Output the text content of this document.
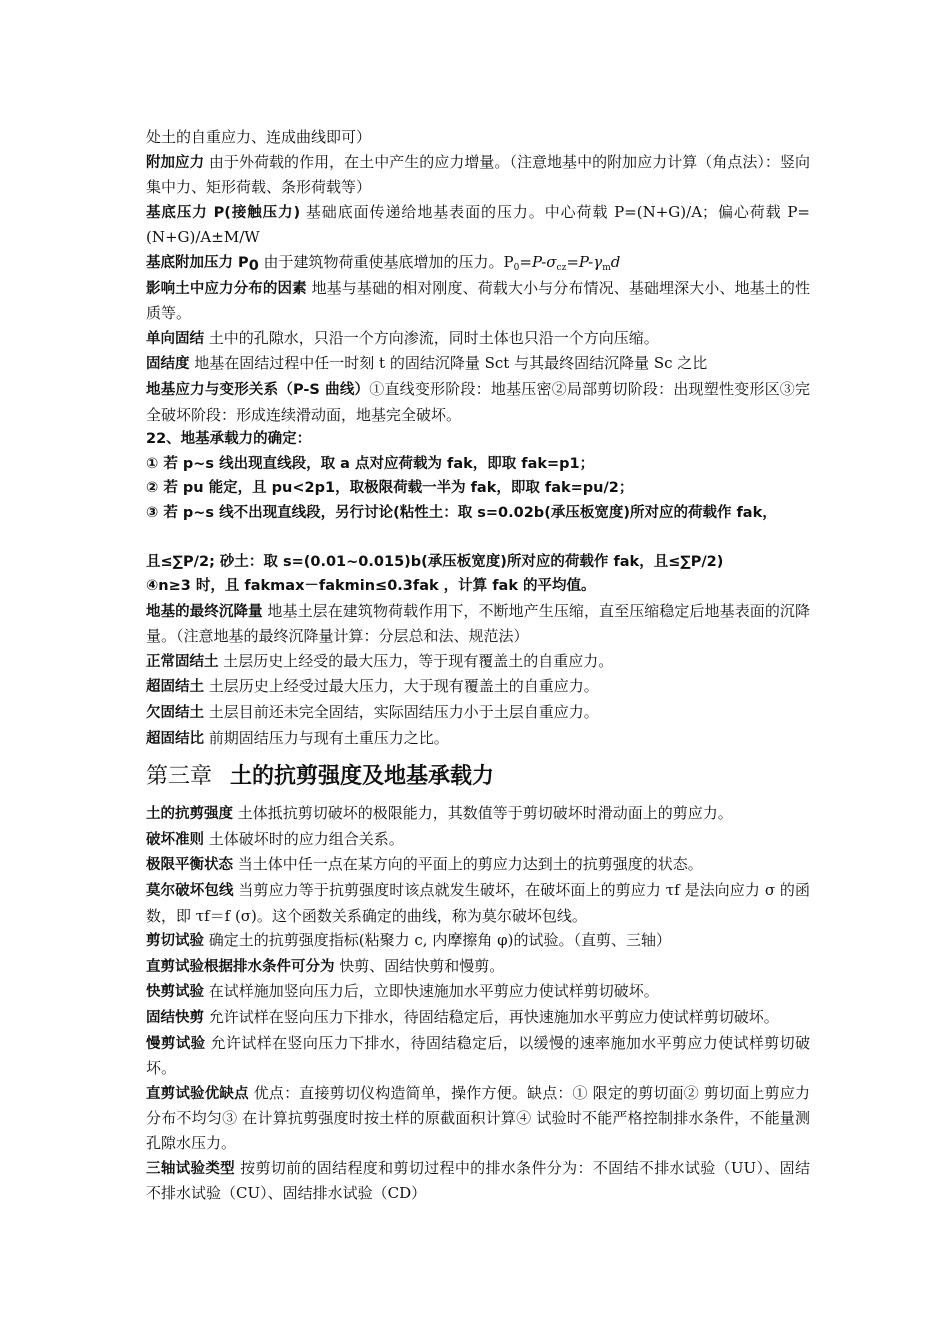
处土的自重应力、连成曲线即可）

附加应力 由于外荷载的作用，在土中产生的应力增量。（注意地基中的附加应力计算（角点法）：竖向集中力、矩形荷载、条形荷载等）

基底压力 P(接触压力) 基础底面传递给地基表面的压力。中心荷载 P=(N+G)/A；偏心荷载 P=(N+G)/A±M/W

基底附加压力 $P_0$ 由于建筑物荷重使基底增加的压力。$P_0=P-\sigma_{cz}=P-\gamma_md$

影响土中应力分布的因素 地基与基础的相对刚度、荷载大小与分布情况、基础埋深大小、地基土的性质等。

单向固结 土中的孔隙水，只沿一个方向渗流，同时土体也只沿一个方向压缩。

固结度 地基在固结过程中任一时刻 t 的固结沉降量 Sct 与其最终固结沉降量 Sc 之比

地基应力与变形关系（P-S 曲线）①直线变形阶段：地基压密②局部剪切阶段：出现塑性变形区③完全破坏阶段：形成连续滑动面，地基完全破坏。

22、地基承载力的确定：

① 若 p~s 线出现直线段，取 a 点对应荷载为 fak，即取 fak=p1；

② 若 pu 能定，且 pu<2p1，取极限荷载一半为 fak，即取 fak=pu/2；

③ 若 p~s 线不出现直线段，另行讨论(粘性土：取 s=0.02b(承压板宽度)所对应的荷载作 fak，

且≤∑P/2; 砂土：取 s=(0.01~0.015)b(承压板宽度)所对应的荷载作 fak，且≤∑P/2)

④n≥3 时，且 fakmax－fakmin≤0.3fak ，计算 fak 的平均值。

地基的最终沉降量 地基土层在建筑物荷载作用下，不断地产生压缩，直至压缩稳定后地基表面的沉降量。（注意地基的最终沉降量计算：分层总和法、规范法）

正常固结土 土层历史上经受的最大压力，等于现有覆盖土的自重应力。

超固结土 土层历史上经受过最大压力，大于现有覆盖土的自重应力。

欠固结土 土层目前还未完全固结，实际固结压力小于土层自重应力。

超固结比 前期固结压力与现有土重压力之比。

第三章 土的抗剪强度及地基承载力

土的抗剪强度 土体抵抗剪切破坏的极限能力，其数值等于剪切破坏时滑动面上的剪应力。

破坏准则 土体破坏时的应力组合关系。

极限平衡状态 当土体中任一点在某方向的平面上的剪应力达到土的抗剪强度的状态。

莫尔破坏包线 当剪应力等于抗剪强度时该点就发生破坏，在破坏面上的剪应力 τf 是法向应力 σ 的函数，即 τf＝f (σ)。这个函数关系确定的曲线，称为莫尔破坏包线。

剪切试验 确定土的抗剪强度指标(粘聚力 c, 内摩擦角 φ)的试验。（直剪、三轴）

直剪试验根据排水条件可分为 快剪、固结快剪和慢剪。

快剪试验 在试样施加竖向压力后，立即快速施加水平剪应力使试样剪切破坏。

固结快剪 允许试样在竖向压力下排水，待固结稳定后，再快速施加水平剪应力使试样剪切破坏。

慢剪试验 允许试样在竖向压力下排水，待固结稳定后，以缓慢的速率施加水平剪应力使试样剪切破坏。

直剪试验优缺点 优点：直接剪切仪构造简单，操作方便。缺点：① 限定的剪切面② 剪切面上剪应力分布不均匀③ 在计算抗剪强度时按土样的原截面积计算④ 试验时不能严格控制排水条件，不能量测孔隙水压力。

三轴试验类型 按剪切前的固结程度和剪切过程中的排水条件分为：不固结不排水试验（UU）、固结不排水试验（CU）、固结排水试验（CD）
